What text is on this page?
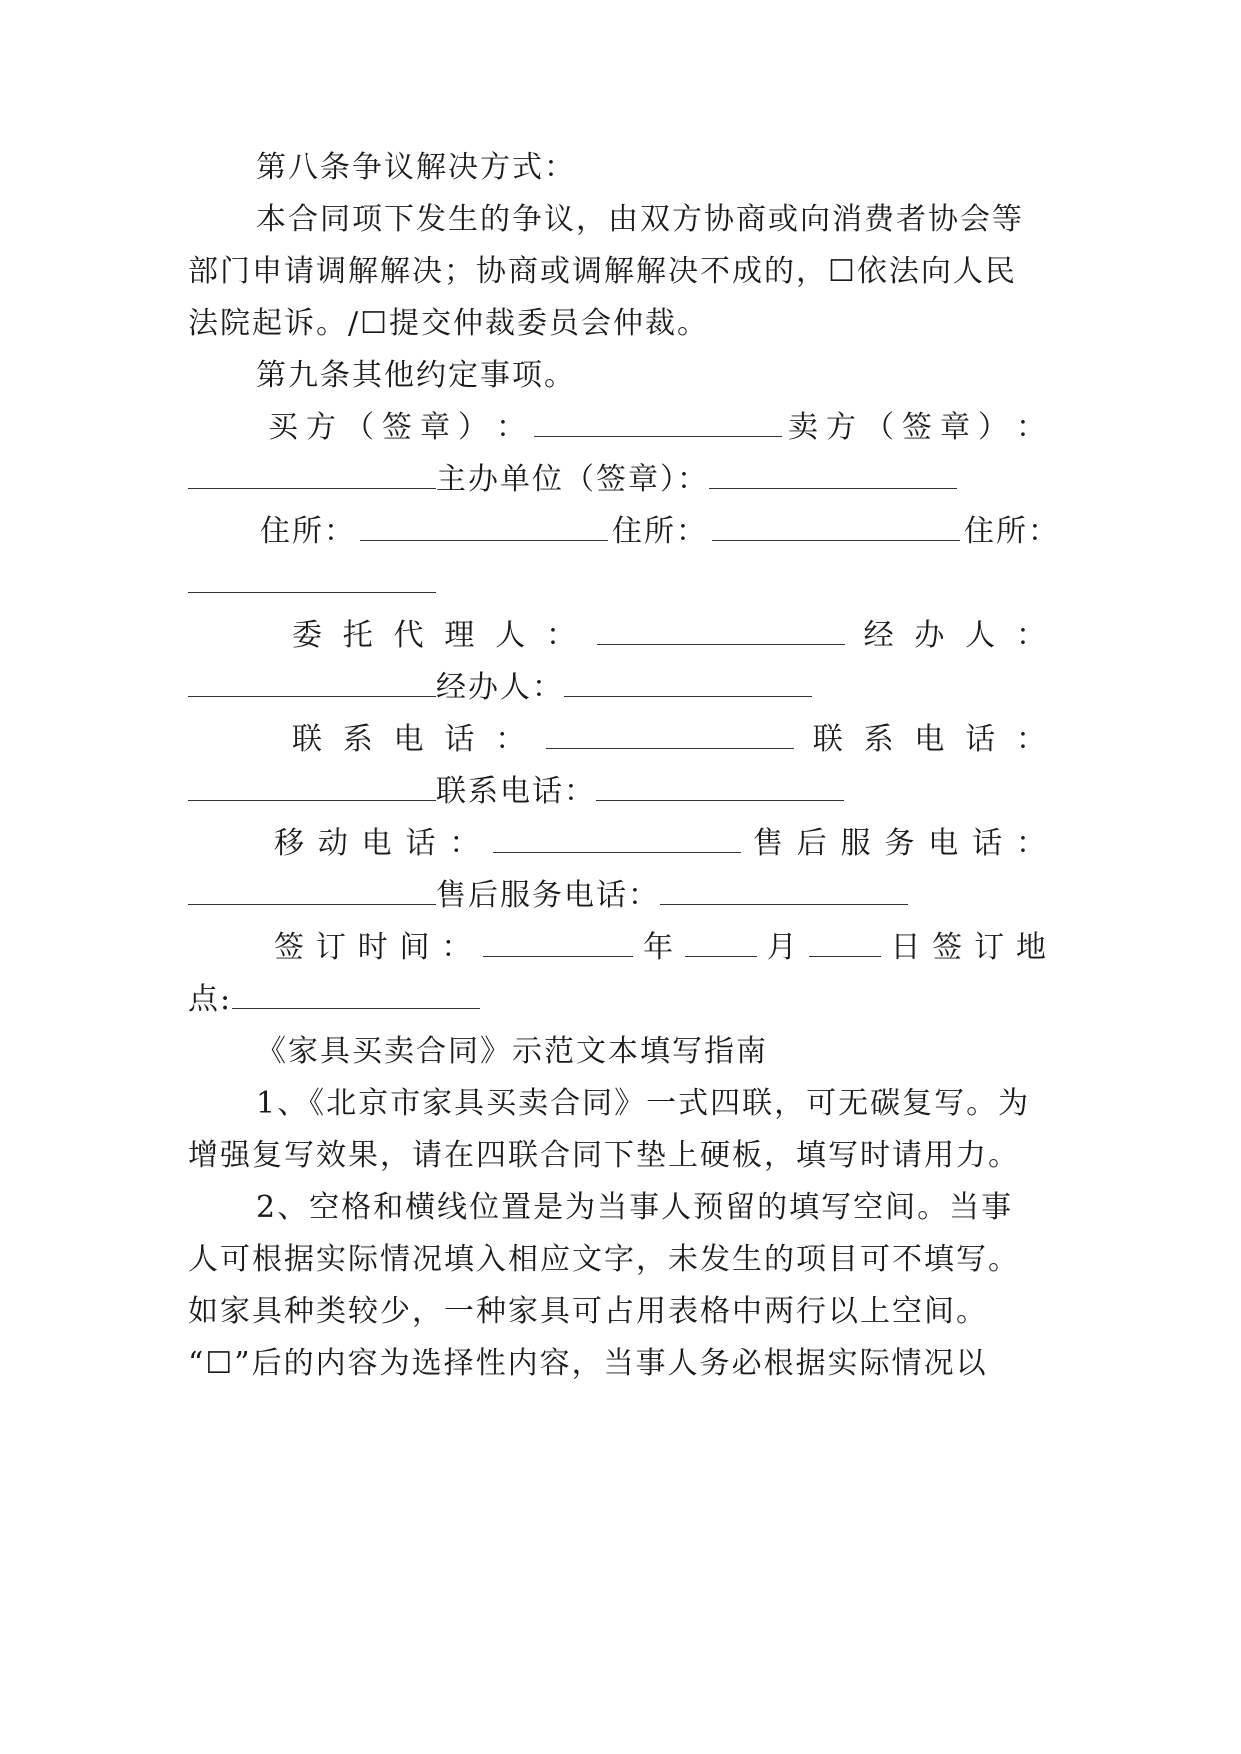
第八条争议解决方式：
本合同项下发生的争议，由双方协商或向消费者协会等
部门申请调解解决；协商或调解解决不成的，☐依法向人民
法院起诉。/☐提交仲裁委员会仲裁。
第九条其他约定事项。
买 方 （ 签 章 ） ：	卖 方 （ 签 章 ） ：
主办单位（签章）：
住所：	住所：	住所：
委 托 代 理 人 ：	经 办 人 ：
经办人：
联 系 电 话 ：	联 系 电 话 ：
联系电话：
移 动 电 话 ：	售 后 服 务 电 话 ：
售后服务电话：
签 订 时 间 ：	年	月	日 签 订 地
点:
《家具买卖合同》示范文本填写指南
1、《北京市家具买卖合同》一式四联，可无碳复写。为
增强复写效果，请在四联合同下垫上硬板，填写时请用力。
2、空格和横线位置是为当事人预留的填写空间。当事
人可根据实际情况填入相应文字，未发生的项目可不填写。
如家具种类较少，一种家具可占用表格中两行以上空间。
“☐”后的内容为选择性内容，当事人务必根据实际情况以
